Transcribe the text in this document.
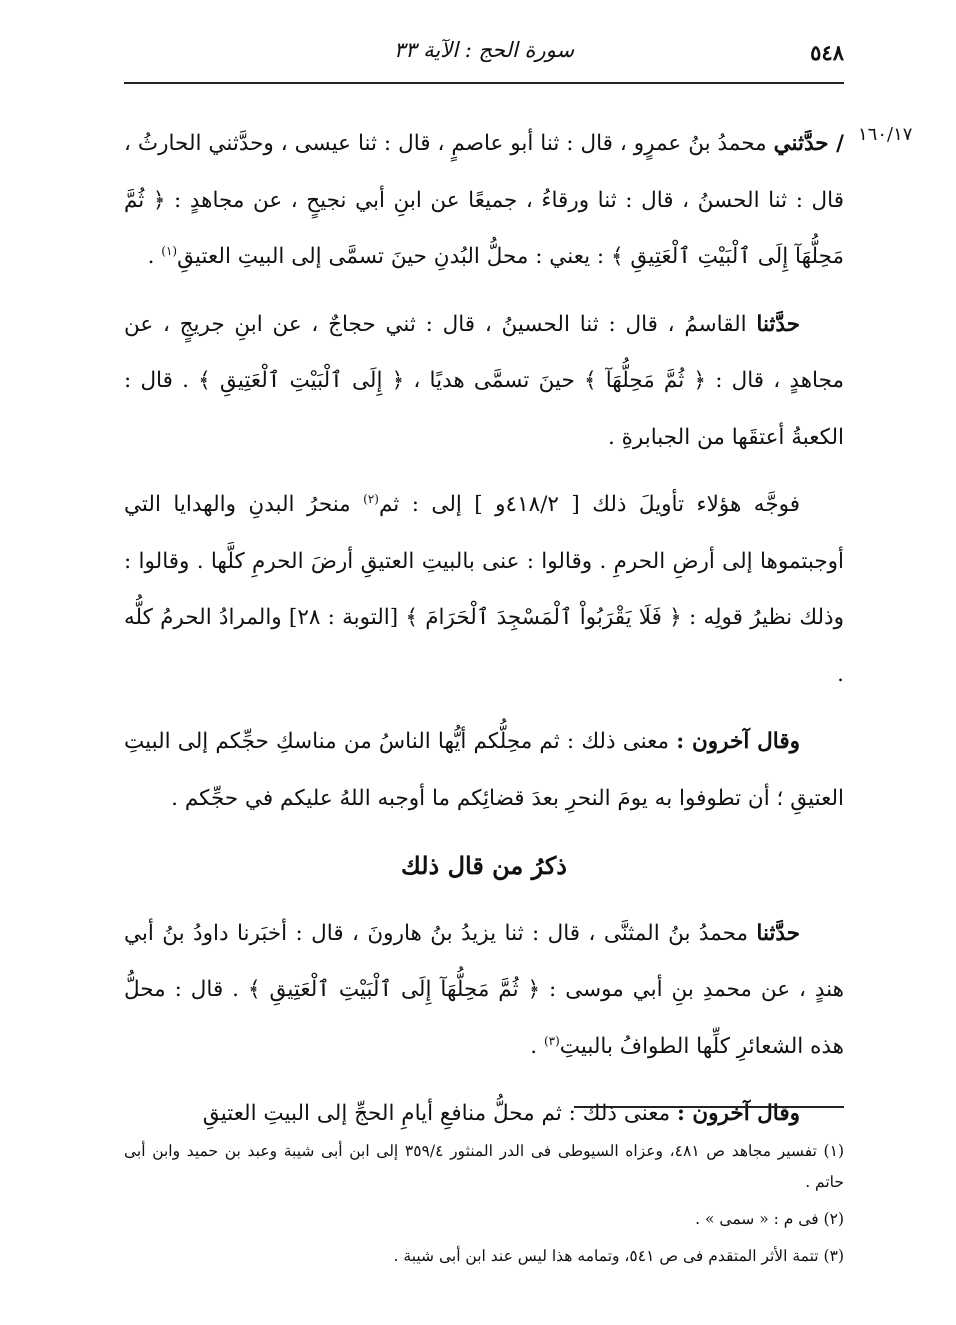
٥٤٨
سورة الحج : الآية ٣٣
١٦٠/١٧

/ حدَّثني محمدُ بنُ عمرٍو ، قال : ثنا أبو عاصمٍ ، قال : ثنا عيسى ، وحدَّثني الحارثُ ، قال : ثنا الحسنُ ، قال : ثنا ورقاءُ ، جميعًا عن ابنِ أبي نجيحٍ ، عن مجاهدٍ : ﴿ ثُمَّ مَحِلُّهَآ إِلَى ٱلْبَيْتِ ٱلْعَتِيقِ ﴾ : يعني : محلُّ البُدنِ حينَ تسمَّى إلى البيتِ العتيقِ$^{(١)}$ .

حدَّثنا القاسمُ ، قال : ثنا الحسينُ ، قال : ثني حجاجٌ ، عن ابنِ جريجٍ ، عن مجاهدٍ ، قال : ﴿ ثُمَّ مَحِلُّهَآ ﴾ حينَ تسمَّى هديًا ، ﴿ إِلَى ٱلْبَيْتِ ٱلْعَتِيقِ ﴾ . قال : الكعبةُ أعتقَها من الجبابرةِ .

فوجَّه هؤلاء تأويلَ ذلك [ ٤١٨/٢و ] إلى : ثم$^{(٢)}$ منحرُ البدنِ والهدايا التي أوجبتموها إلى أرضِ الحرمِ . وقالوا : عنى بالبيتِ العتيقِ أرضَ الحرمِ كلَّها . وقالوا : وذلك نظيرُ قولِه : ﴿ فَلَا يَقْرَبُواْ ٱلْمَسْجِدَ ٱلْحَرَامَ ﴾ [التوبة : ٢٨] والمرادُ الحرمُ كلُّه .

وقال آخرون : معنى ذلك : ثم محِلُّكم أيُّها الناسُ من مناسكِ حجِّكم إلى البيتِ العتيقِ ؛ أن تطوفوا به يومَ النحرِ بعدَ قضائِكم ما أوجبه اللهُ عليكم في حجِّكم .

ذكرُ من قال ذلك

حدَّثنا محمدُ بنُ المثنَّى ، قال : ثنا يزيدُ بنُ هارونَ ، قال : أخبَرنا داودُ بنُ أبي هندٍ ، عن محمدِ بنِ أبي موسى : ﴿ ثُمَّ مَحِلُّهَآ إِلَى ٱلْبَيْتِ ٱلْعَتِيقِ ﴾ . قال : محلُّ هذه الشعائرِ كلِّها الطوافُ بالبيتِ$^{(٣)}$ .

وقال آخرون : معنى ذلك : ثم محلُّ منافعِ أيامِ الحجِّ إلى البيتِ العتيقِ

(١) تفسير مجاهد ص ٤٨١، وعزاه السيوطى فى الدر المنثور ٣٥٩/٤ إلى ابن أبى شيبة وعبد بن حميد وابن أبى حاتم .

(٢) فى م : « سمى » .

(٣) تتمة الأثر المتقدم فى ص ٥٤١، وتمامه هذا ليس عند ابن أبى شيبة .
